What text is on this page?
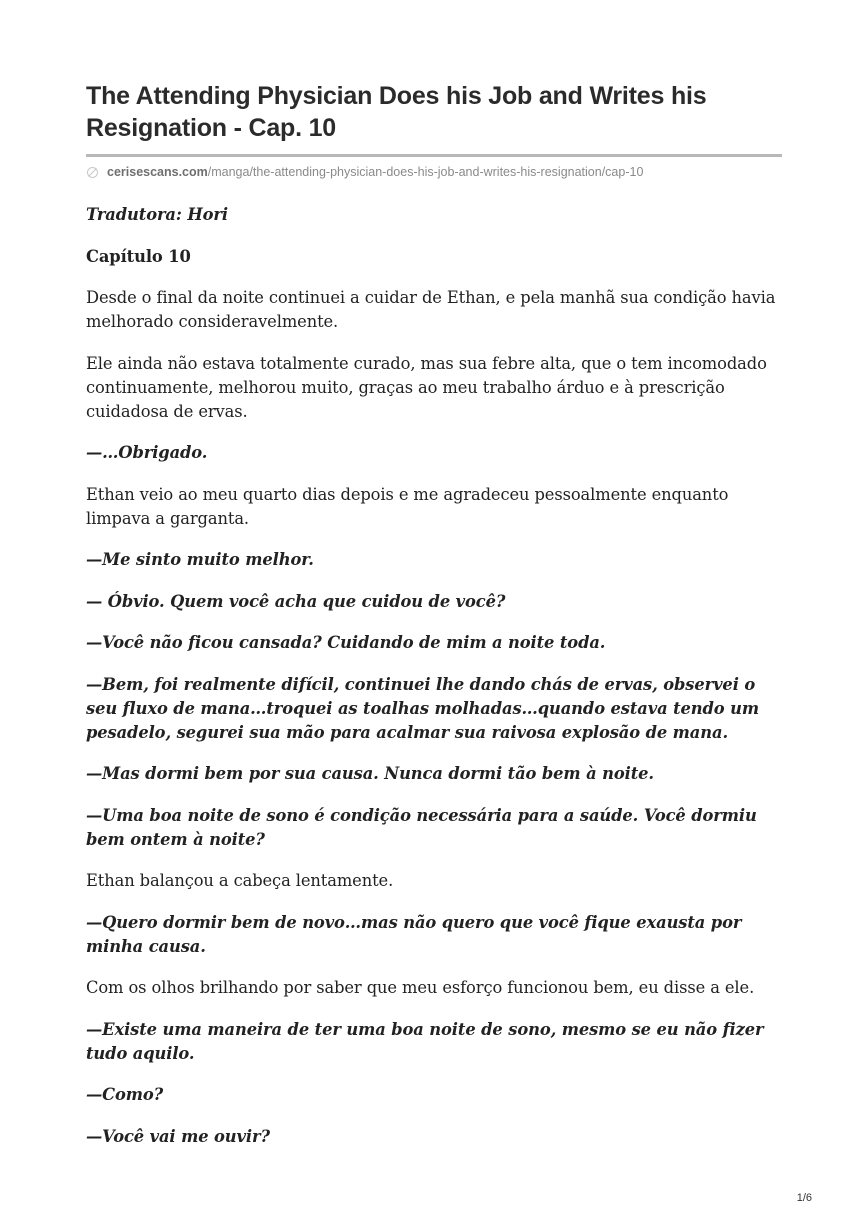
The Attending Physician Does his Job and Writes his Resignation - Cap. 10
cerisescans.com /manga/the-attending-physician-does-his-job-and-writes-his-resignation/cap-10

Tradutora: Hori

Capítulo 10

Desde o final da noite continuei a cuidar de Ethan, e pela manhã sua condição havia melhorado consideravelmente.

Ele ainda não estava totalmente curado, mas sua febre alta, que o tem incomodado continuamente, melhorou muito, graças ao meu trabalho árduo e à prescrição cuidadosa de ervas.

—…Obrigado.

Ethan veio ao meu quarto dias depois e me agradeceu pessoalmente enquanto limpava a garganta.

—Me sinto muito melhor.

— Óbvio. Quem você acha que cuidou de você?

—Você não ficou cansada? Cuidando de mim a noite toda.

—Bem, foi realmente difícil, continuei lhe dando chás de ervas, observei o seu fluxo de mana…troquei as toalhas molhadas…quando estava tendo um pesadelo, segurei sua mão para acalmar sua raivosa explosão de mana.

—Mas dormi bem por sua causa. Nunca dormi tão bem à noite.

—Uma boa noite de sono é condição necessária para a saúde. Você dormiu bem ontem à noite?

Ethan balançou a cabeça lentamente.

—Quero dormir bem de novo…mas não quero que você fique exausta por minha causa.

Com os olhos brilhando por saber que meu esforço funcionou bem, eu disse a ele.

—Existe uma maneira de ter uma boa noite de sono, mesmo se eu não fizer tudo aquilo.

—Como?

—Você vai me ouvir?

1/6
